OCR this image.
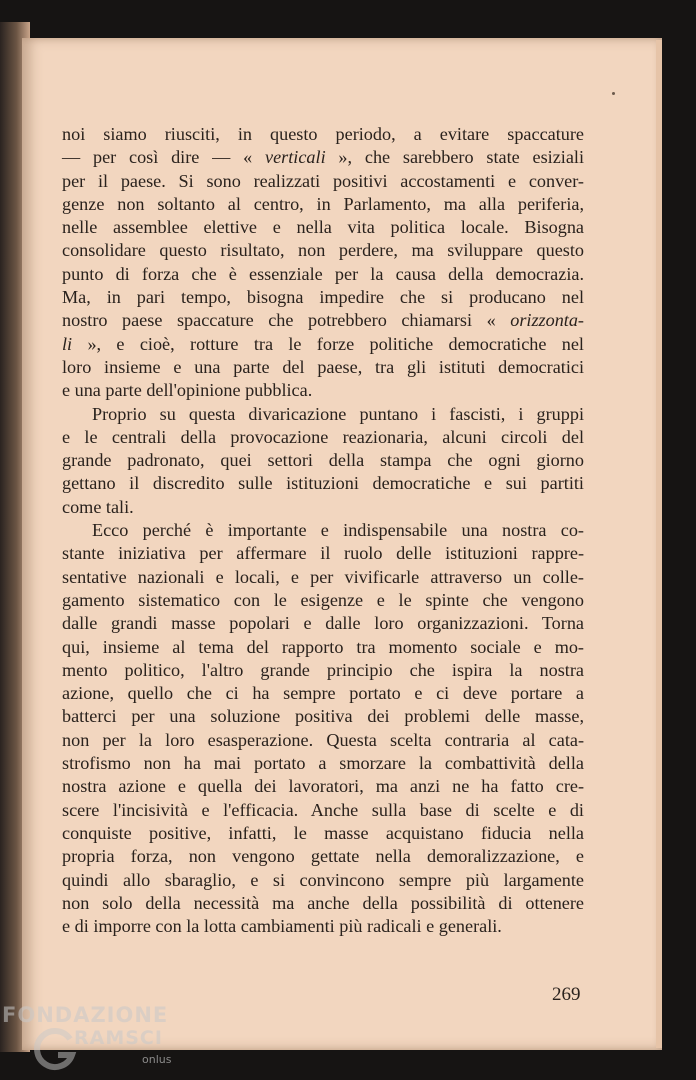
noi siamo riusciti, in questo periodo, a evitare spaccature
— per così dire — « verticali », che sarebbero state esiziali
per il paese. Si sono realizzati positivi accostamenti e conver-
genze non soltanto al centro, in Parlamento, ma alla periferia,
nelle assemblee elettive e nella vita politica locale. Bisogna
consolidare questo risultato, non perdere, ma sviluppare questo
punto di forza che è essenziale per la causa della democrazia.
Ma, in pari tempo, bisogna impedire che si producano nel
nostro paese spaccature che potrebbero chiamarsi « orizzonta-
li », e cioè, rotture tra le forze politiche democratiche nel
loro insieme e una parte del paese, tra gli istituti democratici
e una parte dell'opinione pubblica.

Proprio su questa divaricazione puntano i fascisti, i gruppi
e le centrali della provocazione reazionaria, alcuni circoli del
grande padronato, quei settori della stampa che ogni giorno
gettano il discredito sulle istituzioni democratiche e sui partiti
come tali.

Ecco perché è importante e indispensabile una nostra co-
stante iniziativa per affermare il ruolo delle istituzioni rappre-
sentative nazionali e locali, e per vivificarle attraverso un colle-
gamento sistematico con le esigenze e le spinte che vengono
dalle grandi masse popolari e dalle loro organizzazioni. Torna
qui, insieme al tema del rapporto tra momento sociale e mo-
mento politico, l'altro grande principio che ispira la nostra
azione, quello che ci ha sempre portato e ci deve portare a
batterci per una soluzione positiva dei problemi delle masse,
non per la loro esasperazione. Questa scelta contraria al cata-
strofismo non ha mai portato a smorzare la combattività della
nostra azione e quella dei lavoratori, ma anzi ne ha fatto cre-
scere l'incisività e l'efficacia. Anche sulla base di scelte e di
conquiste positive, infatti, le masse acquistano fiducia nella
propria forza, non vengono gettate nella demoralizzazione, e
quindi allo sbaraglio, e si convincono sempre più largamente
non solo della necessità ma anche della possibilità di ottenere
e di imporre con la lotta cambiamenti più radicali e generali.

269
FONDAZIONE
RAMSCI
onlus
